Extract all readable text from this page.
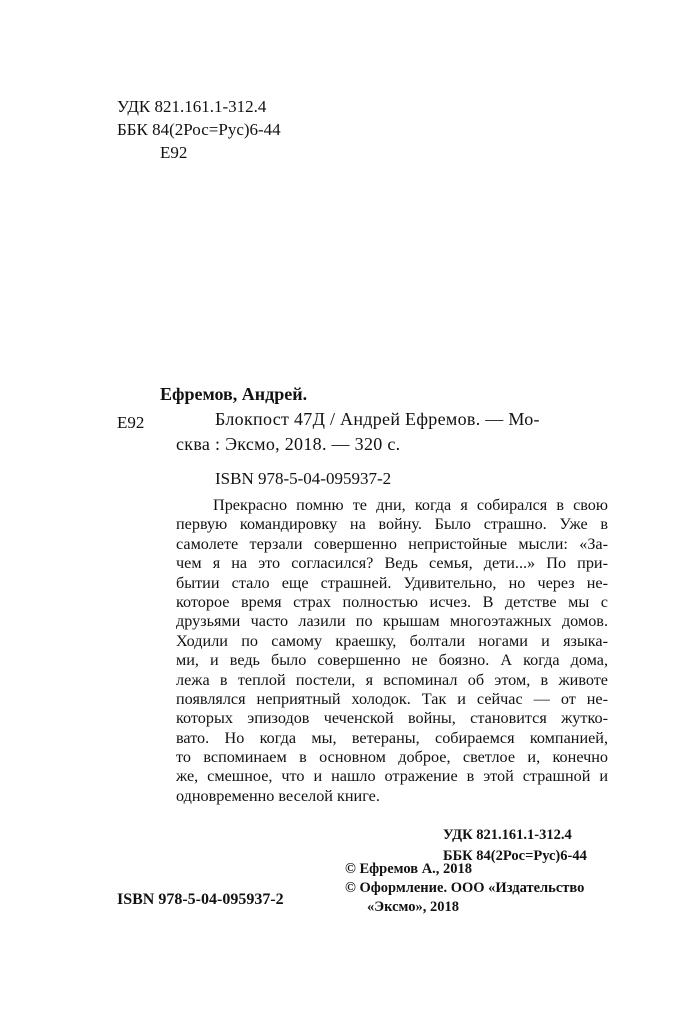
УДК 821.161.1-312.4
ББК 84(2Рос=Рус)6-44
Е92
Ефремов, Андрей.
Е92	Блокпост 47Д / Андрей Ефремов. — Мо-
сква : Эксмо, 2018. — 320 с.
ISBN 978-5-04-095937-2
Прекрасно помню те дни, когда я собирался в свою
первую командировку на войну. Было страшно. Уже в
самолете терзали совершенно непристойные мысли: «За-
чем я на это согласился? Ведь семья, дети...» По при-
бытии стало еще страшней. Удивительно, но через не-
которое время страх полностью исчез. В детстве мы с
друзьями часто лазили по крышам многоэтажных домов.
Ходили по самому краешку, болтали ногами и языка-
ми, и ведь было совершенно не боязно. А когда дома,
лежа в теплой постели, я вспоминал об этом, в животе
появлялся неприятный холодок. Так и сейчас — от не-
которых эпизодов чеченской войны, становится жутко-
вато. Но когда мы, ветераны, собираемся компанией,
то вспоминаем в основном доброе, светлое и, конечно
же, смешное, что и нашло отражение в этой страшной и
одновременно веселой книге.
УДК 821.161.1-312.4
ББК 84(2Рос=Рус)6-44
© Ефремов А., 2018
© Оформление. ООО «Издательство
«Эксмо», 2018
ISBN 978-5-04-095937-2
